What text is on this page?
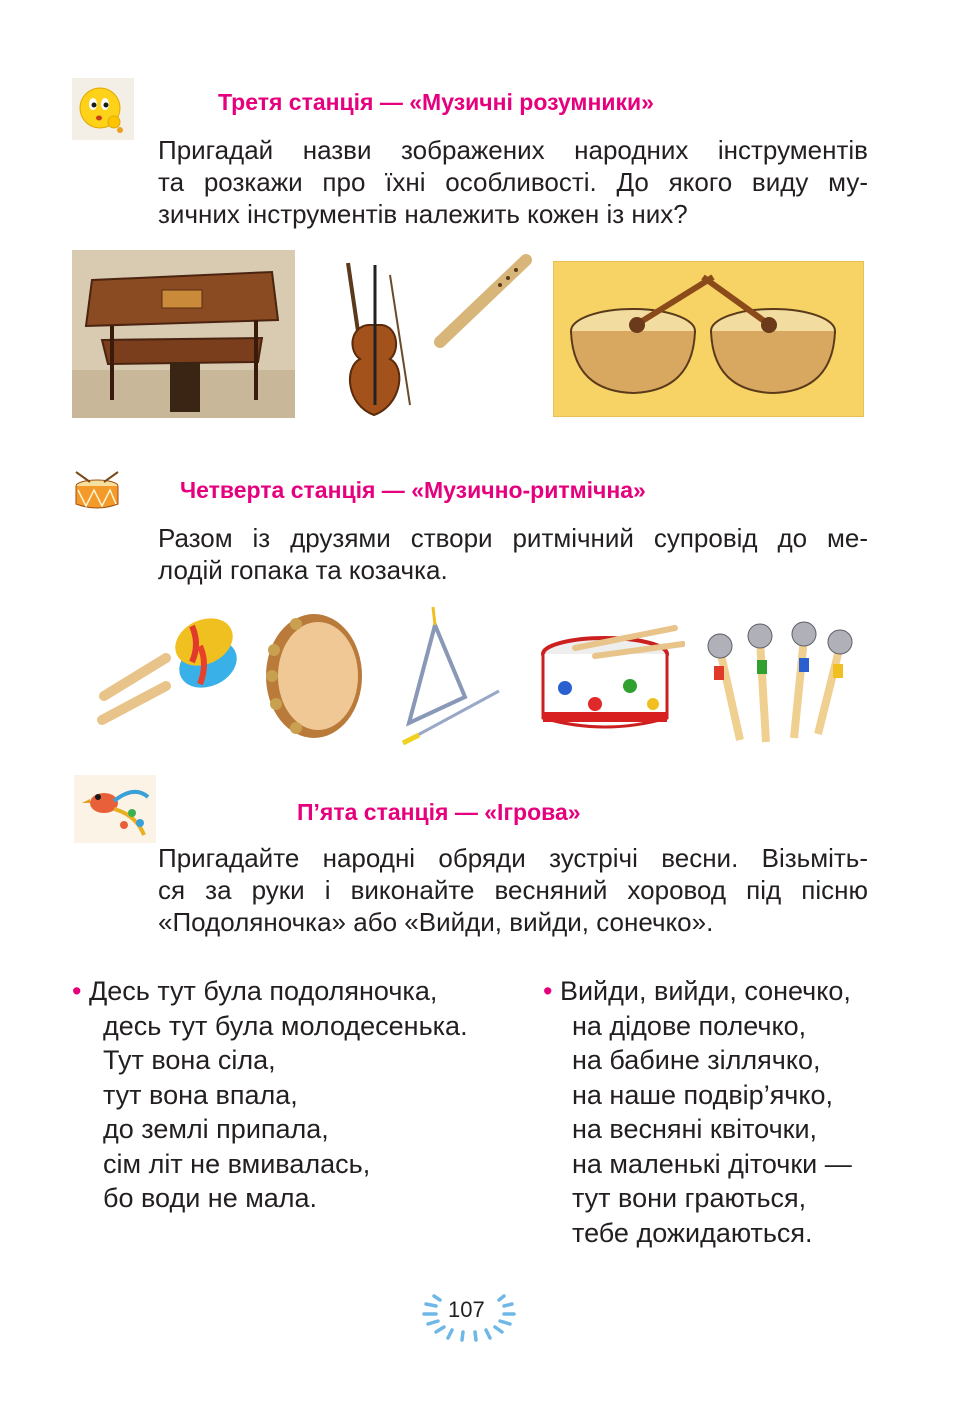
Третя станція — «Музичні розумники»
Пригадай назви зображених народних інструментів
та розкажи про їхні особливості. До якого виду му-
зичних інструментів належить кожен із них?
Четверта станція — «Музично-ритмічна»
Разом із друзями створи ритмічний супровід до ме-
лодій гопака та козачка.
П’ята станція — «Ігрова»
Пригадайте народні обряди зустрічі весни. Візьміть-
ся за руки і виконайте весняний хоровод під пісню
«Подоляночка» або «Вийди, вийди, сонечко».
• Десь тут була подоляночка,
десь тут була молодесенька.
Тут вона сіла,
тут вона впала,
до землі припала,
сім літ не вмивалась,
бо води не мала.
• Вийди, вийди, сонечко,
на дідове полечко,
на бабине зіллячко,
на наше подвір’ячко,
на весняні квіточки,
на маленькі діточки —
тут вони граються,
тебе дожидаються.
107
